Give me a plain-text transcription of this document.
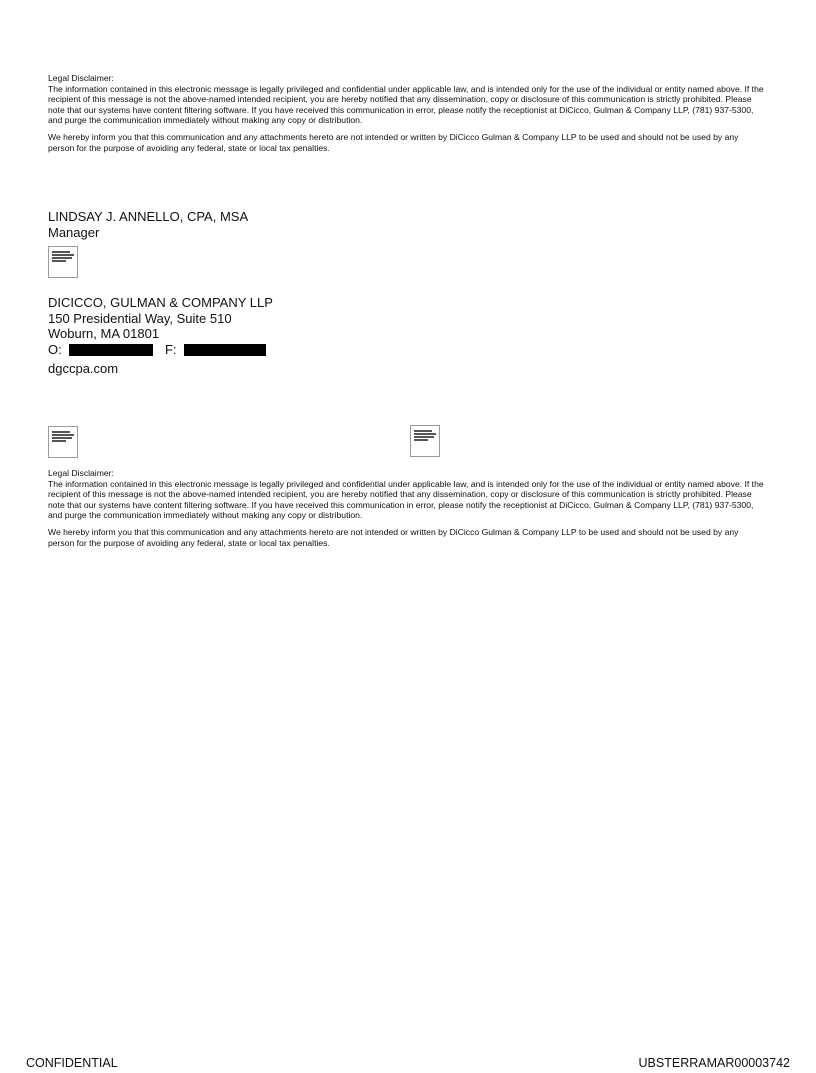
Legal Disclaimer:

The information contained in this electronic message is legally privileged and confidential under applicable law, and is intended only for the use of the individual or entity named above. If the recipient of this message is not the above-named intended recipient, you are hereby notified that any dissemination, copy or disclosure of this communication is strictly prohibited. Please note that our systems have content filtering software. If you have received this communication in error, please notify the receptionist at DiCicco, Gulman & Company LLP, (781) 937-5300, and purge the communication immediately without making any copy or distribution.

We hereby inform you that this communication and any attachments hereto are not intended or written by DiCicco Gulman & Company LLP to be used and should not be used by any person for the purpose of avoiding any federal, state or local tax penalties.

LINDSAY J. ANNELLO, CPA, MSA
Manager
DICICCO, GULMAN & COMPANY LLP
150 Presidential Way, Suite 510
Woburn, MA 01801
O:	F:
dgccpa.com

Legal Disclaimer:

The information contained in this electronic message is legally privileged and confidential under applicable law, and is intended only for the use of the individual or entity named above. If the recipient of this message is not the above-named intended recipient, you are hereby notified that any dissemination, copy or disclosure of this communication is strictly prohibited. Please note that our systems have content filtering software. If you have received this communication in error, please notify the receptionist at DiCicco, Gulman & Company LLP, (781) 937-5300, and purge the communication immediately without making any copy or distribution.

We hereby inform you that this communication and any attachments hereto are not intended or written by DiCicco Gulman & Company LLP to be used and should not be used by any person for the purpose of avoiding any federal, state or local tax penalties.

CONFIDENTIAL	UBSTERRAMAR00003742
